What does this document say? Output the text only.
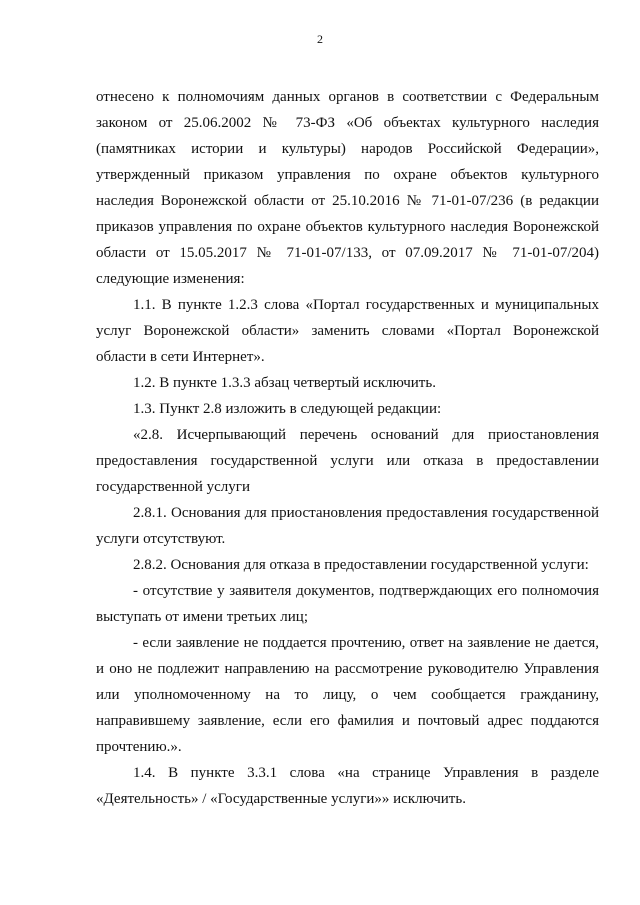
2

отнесено к полномочиям данных органов в соответствии с Федеральным законом от 25.06.2002 № 73-ФЗ «Об объектах культурного наследия (памятниках истории и культуры) народов Российской Федерации», утвержденный приказом управления по охране объектов культурного наследия Воронежской области от 25.10.2016 № 71-01-07/236 (в редакции приказов управления по охране объектов культурного наследия Воронежской области от 15.05.2017 № 71-01-07/133, от 07.09.2017 № 71-01-07/204) следующие изменения:

1.1. В пункте 1.2.3 слова «Портал государственных и муниципальных услуг Воронежской области» заменить словами «Портал Воронежской области в сети Интернет».

1.2. В пункте 1.3.3 абзац четвертый исключить.

1.3. Пункт 2.8 изложить в следующей редакции:

«2.8. Исчерпывающий перечень оснований для приостановления предоставления государственной услуги или отказа в предоставлении государственной услуги

2.8.1. Основания для приостановления предоставления государственной услуги отсутствуют.

2.8.2. Основания для отказа в предоставлении государственной услуги:

- отсутствие у заявителя документов, подтверждающих его полномочия выступать от имени третьих лиц;

- если заявление не поддается прочтению, ответ на заявление не дается, и оно не подлежит направлению на рассмотрение руководителю Управления или уполномоченному на то лицу, о чем сообщается гражданину, направившему заявление, если его фамилия и почтовый адрес поддаются прочтению.».

1.4. В пункте 3.3.1 слова «на странице Управления в разделе «Деятельность» / «Государственные услуги»» исключить.
